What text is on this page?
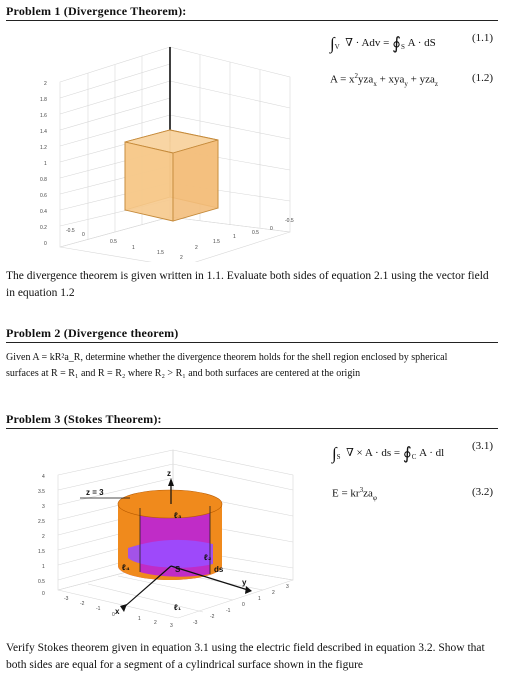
Problem 1 (Divergence Theorem):
2
1.8
1.6
1.4
1.2
1
0.8
0.6
0.4
0.2
0
-0.5
0
0.5
1
1.5
2
2
1.5
1
0.5
0
-0.5
$\int_V$  ∇ · Adv = $∮_S$ A · dS	(1.1)
$A = x^2yza_x + xya_y + yza_z$	(1.2)
The divergence theorem is given written in 1.1. Evaluate both sides of equation 2.1 using the vector field in equation 1.2
Problem 2 (Divergence theorem)
Given A = kR²a_R, determine whether the divergence theorem holds for the shell region enclosed by spherical
surfaces at R = R₁ and R = R₂ where R₂ > R₁ and both surfaces are centered at the origin
Problem 3 (Stokes Theorem):
$\int_S$  ∇ × A · ds = $∮_C$ A · dl
(3.1)
$E = kr^3za_\varphi$	(3.2)
z
y
x
z = 3
ℓ₃
ℓ₂
ℓ₄
ℓ₁
S	ds
4
3.5
3
2.5
2
1.5
1
0.5
0
-3
-2
-1
0
1
2	3	-3
-2
-1
0
1
2
3
Verify Stokes theorem given in equation 3.1 using the electric field described in equation 3.2. Show that both sides are equal for a segment of a cylindrical surface shown in the figure
